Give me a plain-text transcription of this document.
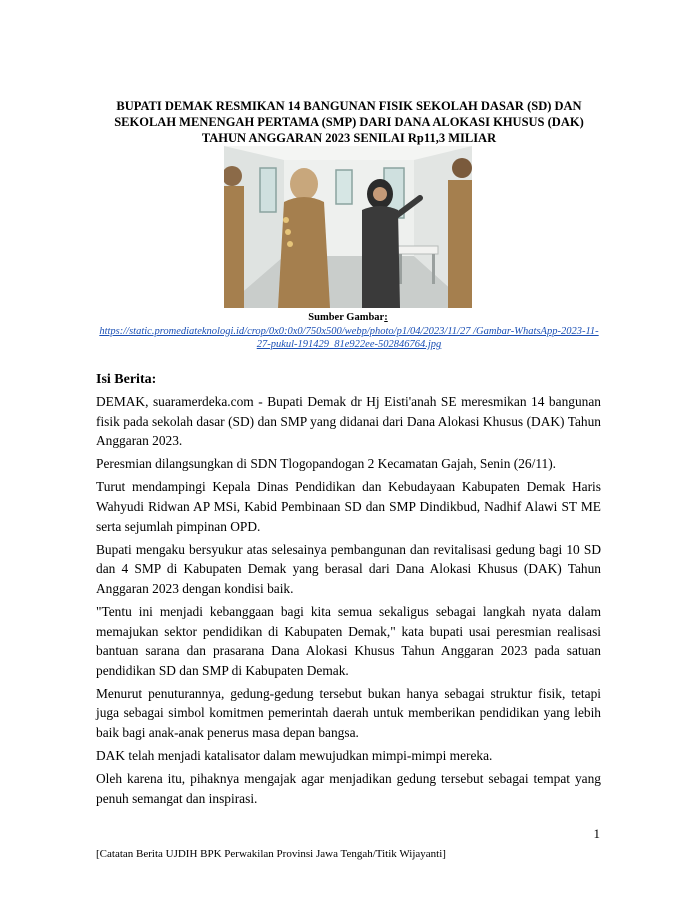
BUPATI DEMAK RESMIKAN 14 BANGUNAN FISIK SEKOLAH DASAR (SD) DAN SEKOLAH MENENGAH PERTAMA (SMP) DARI DANA ALOKASI KHUSUS (DAK) TAHUN ANGGARAN 2023 SENILAI Rp11,3 MILIAR
Sumber Gambar:
https://static.promediateknologi.id/crop/0x0:0x0/750x500/webp/photo/p1/04/2023/11/27 /Gambar-WhatsApp-2023-11-27-pukul-191429_81e922ee-502846764.jpg
Isi Berita:

DEMAK, suaramerdeka.com - Bupati Demak dr Hj Eisti'anah SE meresmikan 14 bangunan fisik pada sekolah dasar (SD) dan SMP yang didanai dari Dana Alokasi Khusus (DAK) Tahun Anggaran 2023.

Peresmian dilangsungkan di SDN Tlogopandogan 2 Kecamatan Gajah, Senin (26/11).

Turut mendampingi Kepala Dinas Pendidikan dan Kebudayaan Kabupaten Demak Haris Wahyudi Ridwan AP MSi, Kabid Pembinaan SD dan SMP Dindikbud, Nadhif Alawi ST ME serta sejumlah pimpinan OPD.

Bupati mengaku bersyukur atas selesainya pembangunan dan revitalisasi gedung bagi 10 SD dan 4 SMP di Kabupaten Demak yang berasal dari Dana Alokasi Khusus (DAK) Tahun Anggaran 2023 dengan kondisi baik.

"Tentu ini menjadi kebanggaan bagi kita semua sekaligus sebagai langkah nyata dalam memajukan sektor pendidikan di Kabupaten Demak," kata bupati usai peresmian realisasi bantuan sarana dan prasarana Dana Alokasi Khusus Tahun Anggaran 2023 pada satuan pendidikan SD dan SMP di Kabupaten Demak.

Menurut penuturannya, gedung-gedung tersebut bukan hanya sebagai struktur fisik, tetapi juga sebagai simbol komitmen pemerintah daerah untuk memberikan pendidikan yang lebih baik bagi anak-anak penerus masa depan bangsa.

DAK telah menjadi katalisator dalam mewujudkan mimpi-mimpi mereka.

Oleh karena itu, pihaknya mengajak agar menjadikan gedung tersebut sebagai tempat yang penuh semangat dan inspirasi.

1
[Catatan Berita UJDIH BPK Perwakilan Provinsi Jawa Tengah/Titik Wijayanti]
